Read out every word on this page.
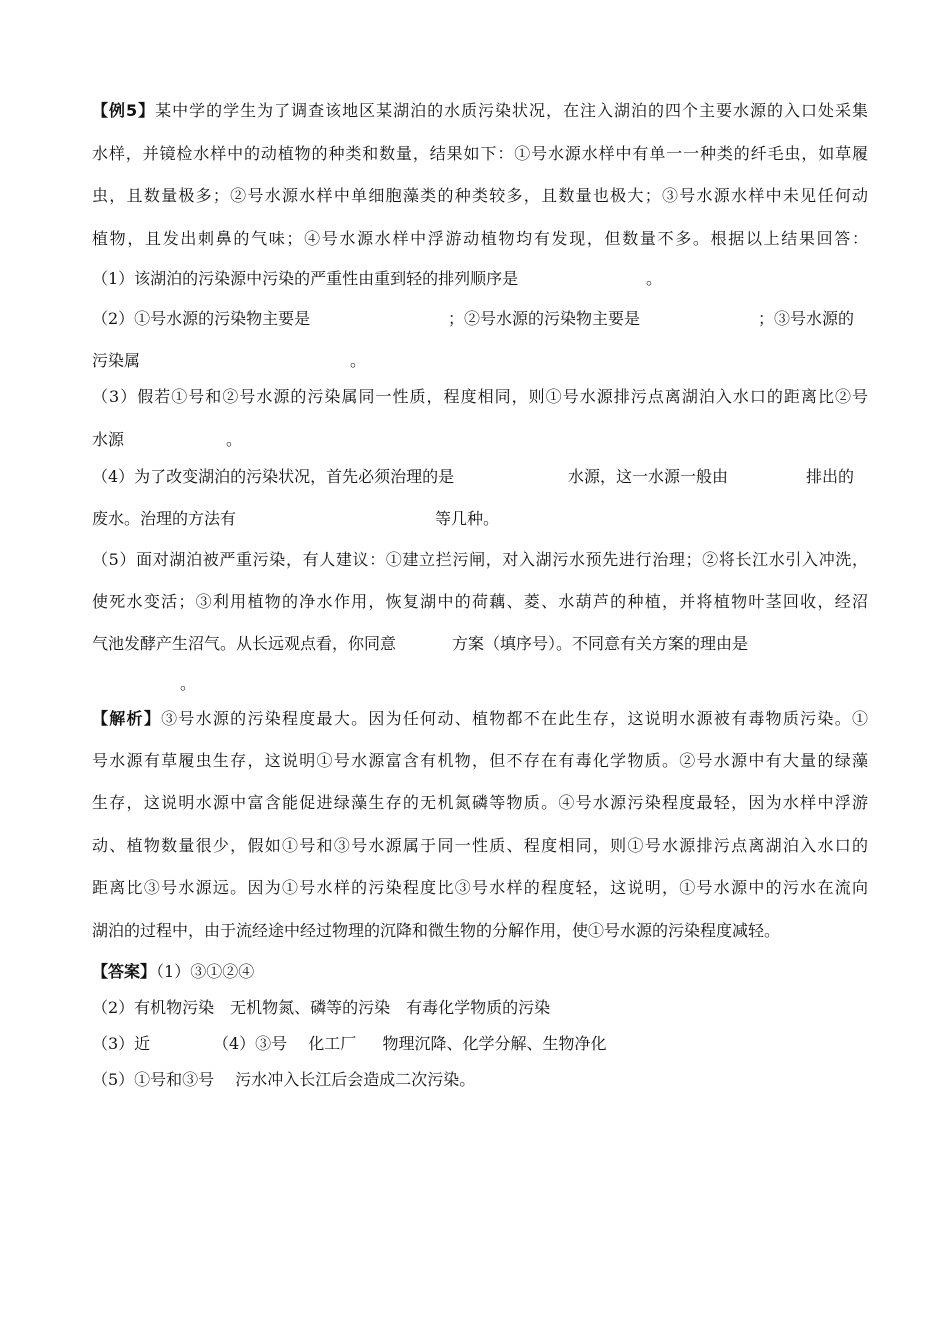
【例5】某中学的学生为了调查该地区某湖泊的水质污染状况，在注入湖泊的四个主要水源的入口处采集
水样，并镜检水样中的动植物的种类和数量，结果如下：①号水源水样中有单一一种类的纤毛虫，如草履
虫，且数量极多；②号水源水样中单细胞藻类的种类较多，且数量也极大；③号水源水样中未见任何动
植物，且发出刺鼻的气味；④号水源水样中浮游动植物均有发现，但数量不多。根据以上结果回答：
（1）该湖泊的污染源中污染的严重性由重到轻的排列顺序是	。
（2）①号水源的污染物主要是	；②号水源的污染物主要是	；③号水源的
污染属	。
（3）假若①号和②号水源的污染属同一性质，程度相同，则①号水源排污点离湖泊入水口的距离比②号
水源	。
（4）为了改变湖泊的污染状况，首先必须治理的是	水源，这一水源一般由	排出的
废水。治理的方法有	等几种。
（5）面对湖泊被严重污染，有人建议：①建立拦污闸，对入湖污水预先进行治理；②将长江水引入冲洗，
使死水变活；③利用植物的净水作用，恢复湖中的荷藕、菱、水葫芦的种植，并将植物叶茎回收，经沼
气池发酵产生沼气。从长远观点看，你同意	方案（填序号）。不同意有关方案的理由是
。
【解析】③号水源的污染程度最大。因为任何动、植物都不在此生存，这说明水源被有毒物质污染。①
号水源有草履虫生存，这说明①号水源富含有机物，但不存在有毒化学物质。②号水源中有大量的绿藻
生存，这说明水源中富含能促进绿藻生存的无机氮磷等物质。④号水源污染程度最轻，因为水样中浮游
动、植物数量很少，假如①号和③号水源属于同一性质、程度相同，则①号水源排污点离湖泊入水口的
距离比③号水源远。因为①号水样的污染程度比③号水样的程度轻，这说明，①号水源中的污水在流向
湖泊的过程中，由于流经途中经过物理的沉降和微生物的分解作用，使①号水源的污染程度减轻。
【答案】（1）③①②④
（2）有机物污染　无机物氮、磷等的污染　有毒化学物质的污染
（3）近	（4）③号　 化工厂　  物理沉降、化学分解、生物净化
（5）①号和③号　 污水冲入长江后会造成二次污染。
